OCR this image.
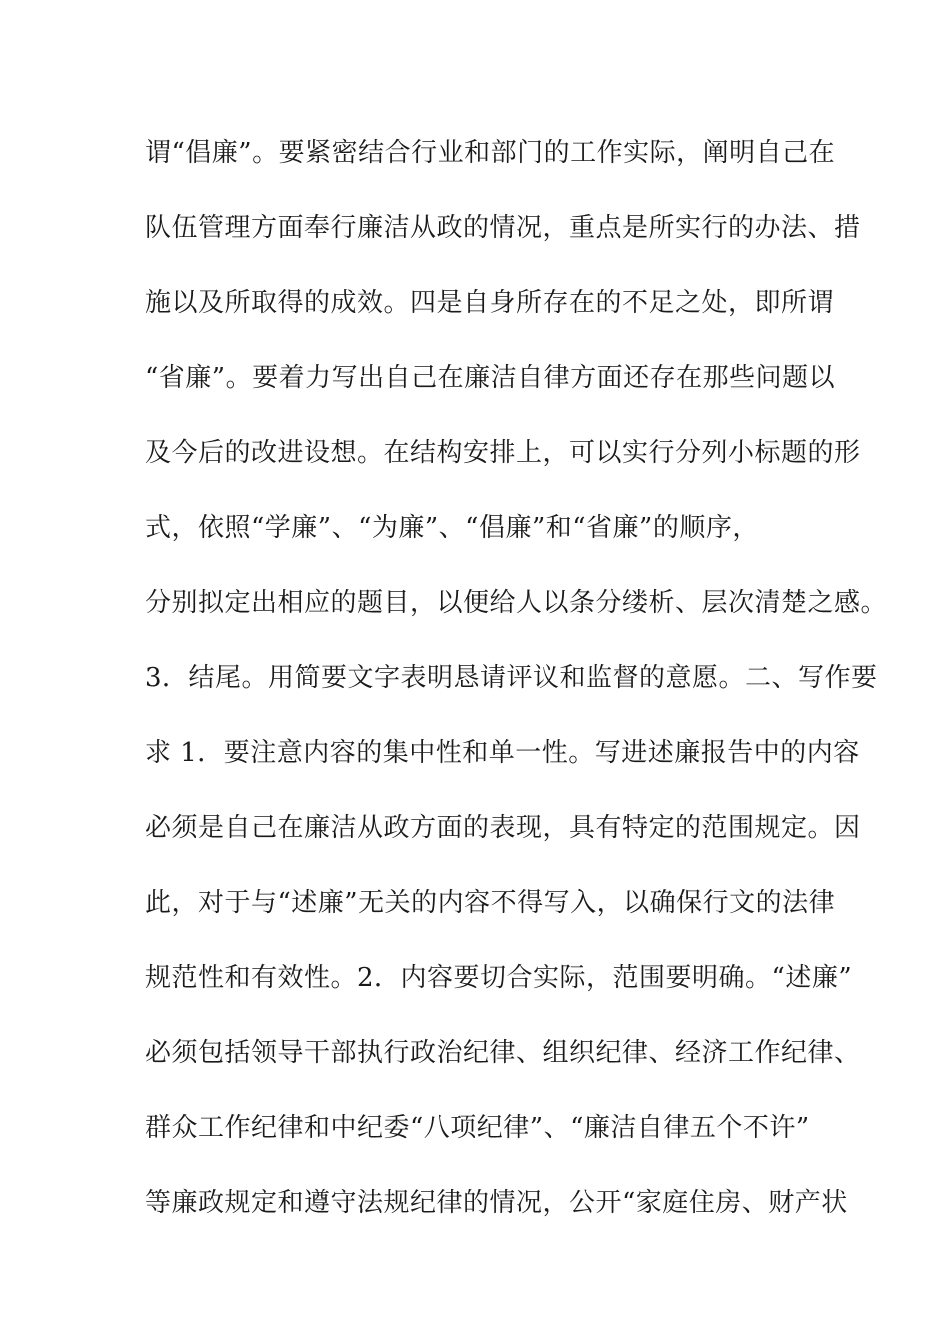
谓“倡廉”。要紧密结合行业和部门的工作实际，阐明自己在
队伍管理方面奉行廉洁从政的情况，重点是所实行的办法、措
施以及所取得的成效。四是自身所存在的不足之处，即所谓
“省廉”。要着力写出自己在廉洁自律方面还存在那些问题以
及今后的改进设想。在结构安排上，可以实行分列小标题的形
式，依照“学廉”、“为廉”、“倡廉”和“省廉”的顺序，
分别拟定出相应的题目，以便给人以条分缕析、层次清楚之感。
3．结尾。用简要文字表明恳请评议和监督的意愿。二、写作要
求 1．要注意内容的集中性和单一性。写进述廉报告中的内容
必须是自己在廉洁从政方面的表现，具有特定的范围规定。因
此，对于与“述廉”无关的内容不得写入，以确保行文的法律
规范性和有效性。2．内容要切合实际，范围要明确。“述廉”
必须包括领导干部执行政治纪律、组织纪律、经济工作纪律、
群众工作纪律和中纪委“八项纪律”、“廉洁自律五个不许”
等廉政规定和遵守法规纪律的情况，公开“家庭住房、财产状
